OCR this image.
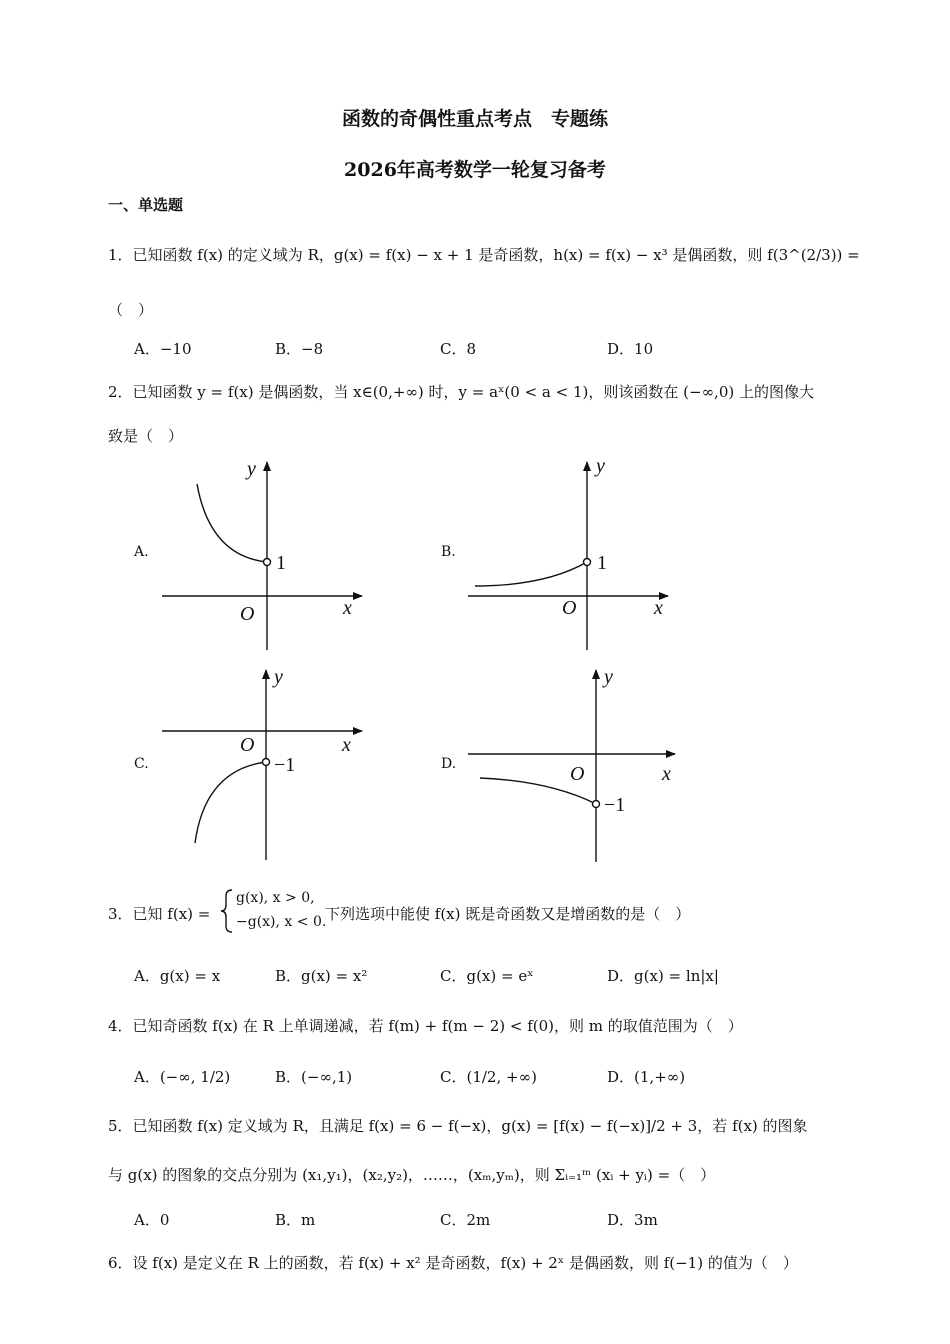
函数的奇偶性重点考点　专题练
2026年高考数学一轮复习备考
一、单选题
1．已知函数 f(x) 的定义域为 R，g(x) = f(x) − x + 1 是奇函数，h(x) = f(x) − x³ 是偶函数，则 f(3^(2/3)) =
（　）
A．−10	B．−8	C．8	D．10
2．已知函数 y = f(x) 是偶函数，当 x∈(0,+∞) 时，y = aˣ(0 < a < 1)，则该函数在 (−∞,0) 上的图像大
致是（　）
A.	B.
C.	D.
y
x
O
1
y
x
O
1
y
x
O
−1
y
x
O
−1
3．已知 f(x) =
g(x), x > 0,
−g(x), x < 0.
下列选项中能使 f(x) 既是奇函数又是增函数的是（　）
A．g(x) = x	B．g(x) = x²	C．g(x) = eˣ	D．g(x) = ln|x|
4．已知奇函数 f(x) 在 R 上单调递减，若 f(m) + f(m − 2) < f(0)，则 m 的取值范围为（　）
A．(−∞, 1/2)	B．(−∞,1)	C．(1/2, +∞)	D．(1,+∞)
5．已知函数 f(x) 定义域为 R，且满足 f(x) = 6 − f(−x)，g(x) = [f(x) − f(−x)]/2 + 3，若 f(x) 的图象
与 g(x) 的图象的交点分别为 (x₁,y₁)，(x₂,y₂)，……，(xₘ,yₘ)，则 Σᵢ₌₁ᵐ (xᵢ + yᵢ) =（　）
A．0	B．m	C．2m	D．3m
6．设 f(x) 是定义在 R 上的函数，若 f(x) + x² 是奇函数，f(x) + 2ˣ 是偶函数，则 f(−1) 的值为（　）
